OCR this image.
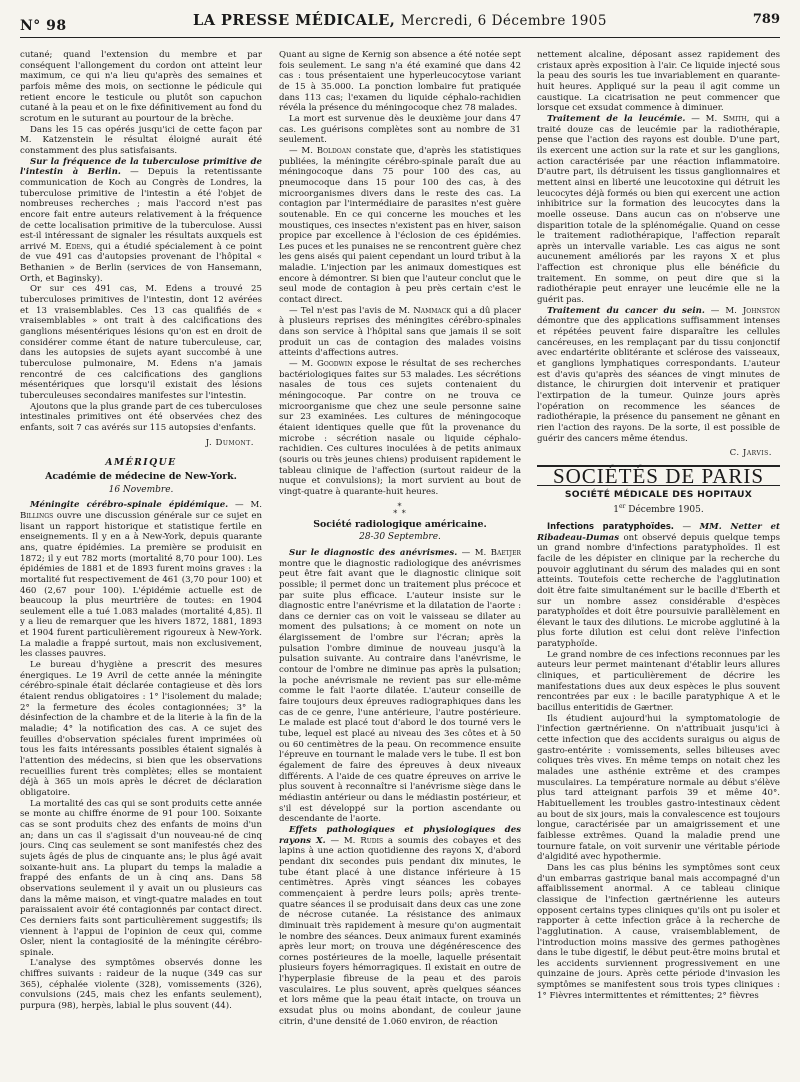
N° 98	LA PRESSE MÉDICALE, Mercredi, 6 Décembre 1905	789

cutané; quand l'extension du membre et par conséquent l'allongement du cordon ont atteint leur maximum, ce qui n'a lieu qu'après des semaines et parfois même des mois, on sectionne le pédicule qui retient encore le testicule ou plutôt son capuchon cutané à la peau et on le fixe définitivement au fond du scrotum en le suturant au pourtour de la brèche.

Dans les 15 cas opérés jusqu'ici de cette façon par M. Katzenstein le résultat éloigné aurait été constamment des plus satisfaisants.

Sur la fréquence de la tuberculose primitive de l'intestin à Berlin. — Depuis la retentissante communication de Koch au Congrès de Londres, la tuberculose primitive de l'intestin a été l'objet de nombreuses recherches ; mais l'accord n'est pas encore fait entre auteurs relativement à la fréquence de cette localisation primitive de la tuberculose. Aussi est-il intéressant de signaler les résultats auxquels est arrivé M. Edens, qui a étudié spécialement à ce point de vue 491 cas d'autopsies provenant de l'hôpital « Bethanien » de Berlin (services de von Hansemann, Orth, et Baginsky).

Or sur ces 491 cas, M. Edens a trouvé 25 tuberculoses primitives de l'intestin, dont 12 avérées et 13 vraisemblables. Ces 13 cas qualifiés de « vraisemblables » ont trait à des calcifications des ganglions mésentériques lésions qu'on est en droit de considérer comme étant de nature tuberculeuse, car, dans les autopsies de sujets ayant succombé à une tuberculose pulmonaire, M. Edens n'a jamais rencontré de ces calcifications des ganglions mésentériques que lorsqu'il existait des lésions tuberculeuses secondaires manifestes sur l'intestin.

Ajoutons que la plus grande part de ces tuberculoses intestinales primitives ont été observées chez des enfants, soit 7 cas avérés sur 115 autopsies d'enfants.

J. Dumont.
AMÉRIQUE
Académie de médecine de New-York.
16 Novembre.

Méningite cérébro-spinale épidémique. — M. Billings ouvre une discussion générale sur ce sujet en lisant un rapport historique et statistique fertile en enseignements. Il y en a à New-York, depuis quarante ans, quatre épidémies. La première se produisit en 1872; il y eut 782 morts (mortalité 8,70 pour 100). Les épidémies de 1881 et de 1893 furent moins graves : la mortalité fut respectivement de 461 (3,70 pour 100) et 460 (2,67 pour 100). L'épidémie actuelle est de beaucoup la plus meurtrière de toutes: en 1904 seulement elle a tué 1.083 malades (mortalité 4,85). Il y a lieu de remarquer que les hivers 1872, 1881, 1893 et 1904 furent particulièrement rigoureux à New-York. La maladie a frappé surtout, mais non exclusivement, les classes pauvres.

Le bureau d'hygiène a prescrit des mesures énergiques. Le 19 Avril de cette année la méningite cérébro-spinale était déclarée contagieuse et dès lors étaient rendus obligatoires : 1° l'isolement du malade; 2° la fermeture des écoles contagionnées; 3° la désinfection de la chambre et de la literie à la fin de la maladie; 4° la notification des cas. A ce sujet des feuilles d'observation spéciales furent imprimées où tous les faits intéressants possibles étaient signalés à l'attention des médecins, si bien que les observations recueillies furent très complètes; elles se montaient déjà à 365 un mois après le décret de déclaration obligatoire.

La mortalité des cas qui se sont produits cette année se monte au chiffre énorme de 91 pour 100. Soixante cas se sont produits chez des enfants de moins d'un an; dans un cas il s'agissait d'un nouveau-né de cinq jours. Cinq cas seulement se sont manifestés chez des sujets âgés de plus de cinquante ans; le plus âgé avait soixante-huit ans. La plupart du temps la maladie a frappé des enfants de un à cinq ans. Dans 58 observations seulement il y avait un ou plusieurs cas dans la même maison, et vingt-quatre malades en tout paraissaient avoir été contagionnés par contact direct. Ces derniers faits sont particulièrement suggestifs; ils viennent à l'appui de l'opinion de ceux qui, comme Osler, nient la contagiosité de la méningite cérébro-spinale.

L'analyse des symptômes observés donne les chiffres suivants : raideur de la nuque (349 cas sur 365), céphalée violente (328), vomissements (326), convulsions (245, mais chez les enfants seulement), purpura (98), herpès, labial le plus souvent (44).

Quant au signe de Kernig son absence a été notée sept fois seulement. Le sang n'a été examiné que dans 42 cas : tous présentaient une hyperleucocytose variant de 15 à 35.000. La ponction lombaire fut pratiquée dans 113 cas; l'examen du liquide céphalo-rachidien révéla la présence du méningocoque chez 78 malades.

La mort est survenue dès le deuxième jour dans 47 cas. Les guérisons complètes sont au nombre de 31 seulement.

— M. Boldoan constate que, d'après les statistiques publiées, la méningite cérébro-spinale paraît due au méningocoque dans 75 pour 100 des cas, au pneumocoque dans 15 pour 100 des cas, à des microorganismes divers dans le reste des cas. La contagion par l'intermédiaire de parasites n'est guère soutenable. En ce qui concerne les mouches et les moustiques, ces insectes n'existent pas en hiver, saison propice par excellence à l'éclosion de ces épidémies. Les puces et les punaises ne se rencontrent guère chez les gens aisés qui paient cependant un lourd tribut à la maladie. L'injection par les animaux domestiques est encore à démontrer. Si bien que l'auteur conclut que le seul mode de contagion à peu près certain c'est le contact direct.

— Tel n'est pas l'avis de M. Nammack qui a dû placer à plusieurs reprises des méningites cérébro-spinales dans son service à l'hôpital sans que jamais il se soit produit un cas de contagion des malades voisins atteints d'affections autres.

— M. Goodwin expose le résultat de ses recherches bactériologiques faites sur 53 malades. Les sécrétions nasales de tous ces sujets contenaient du méningocoque. Par contre on ne trouva ce microorganisme que chez une seule personne saine sur 23 examinées. Les cultures de méningocoque étaient identiques quelle que fût la provenance du microbe : sécrétion nasale ou liquide céphalo-rachidien. Ces cultures inoculées à de petits animaux (souris ou très jeunes chiens) produisent rapidement le tableau clinique de l'affection (surtout raideur de la nuque et convulsions); la mort survient au bout de vingt-quatre à quarante-huit heures.

*
* *
Société radiologique américaine.
28-30 Septembre.

Sur le diagnostic des anévrismes. — M. Baetjer montre que le diagnostic radiologique des anévrismes peut être fait avant que le diagnostic clinique soit possible; il permet donc un traitement plus précoce et par suite plus efficace. L'auteur insiste sur le diagnostic entre l'anévrisme et la dilatation de l'aorte : dans ce dernier cas on voit le vaisseau se dilater au moment des pulsations; à ce moment on note un élargissement de l'ombre sur l'écran; après la pulsation l'ombre diminue de nouveau jusqu'à la pulsation suivante. Au contraire dans l'anévrisme, le contour de l'ombre ne diminue pas après la pulsation; la poche anévrismale ne revient pas sur elle-même comme le fait l'aorte dilatée. L'auteur conseille de faire toujours deux épreuves radiographiques dans les cas de ce genre, l'une antérieure, l'autre postérieure. Le malade est placé tout d'abord le dos tourné vers le tube, lequel est placé au niveau des 3es côtes et à 50 ou 60 centimètres de la peau. On recommence ensuite l'épreuve en tournant le malade vers le tube. Il est bon également de faire des épreuves à deux niveaux différents. A l'aide de ces quatre épreuves on arrive le plus souvent à reconnaître si l'anévrisme siège dans le médiastin antérieur ou dans le médiastin postérieur, et s'il est développé sur la portion ascendante ou descendante de l'aorte.

Effets pathologiques et physiologiques des rayons X. — M. Rudis a soumis des cobayes et des lapins à une action quotidienne des rayons X, d'abord pendant dix secondes puis pendant dix minutes, le tube étant placé à une distance inférieure à 15 centimètres. Après vingt séances les cobayes commençaient à perdre leurs poils; après trente-quatre séances il se produisait dans deux cas une zone de nécrose cutanée. La résistance des animaux diminuait très rapidement à mesure qu'on augmentait le nombre des séances. Deux animaux furent examinés après leur mort; on trouva une dégénérescence des cornes postérieures de la moelle, laquelle présentait plusieurs foyers hémorragiques. Il existait en outre de l'hyperplasie fibreuse de la peau et des parois vasculaires. Le plus souvent, après quelques séances et lors même que la peau était intacte, on trouva un exsudat plus ou moins abondant, de couleur jaune citrin, d'une densité de 1.060 environ, de réaction

nettement alcaline, déposant assez rapidement des cristaux après exposition à l'air. Ce liquide injecté sous la peau des souris les tue invariablement en quarante-huit heures. Appliqué sur la peau il agit comme un caustique. La cicatrisation ne peut commencer que lorsque cet exsudat commence à diminuer.

Traitement de la leucémie. — M. Smith, qui a traité douze cas de leucémie par la radiothérapie, pense que l'action des rayons est double. D'une part, ils exercent une action sur la rate et sur les ganglions, action caractérisée par une réaction inflammatoire. D'autre part, ils détruisent les tissus ganglionnaires et mettent ainsi en liberté une leucotoxine qui détruit les leucocytes déjà formés ou bien qui exercent une action inhibitrice sur la formation des leucocytes dans la moelle osseuse. Dans aucun cas on n'observe une disparition totale de la splénomégalie. Quand on cesse le traitement radiothérapique, l'affection reparaît après un intervalle variable. Les cas aigus ne sont aucunement améliorés par les rayons X et plus l'affection est chronique plus elle bénéficie du traitement. En somme, on peut dire que si la radiothérapie peut enrayer une leucémie elle ne la guérit pas.

Traitement du cancer du sein. — M. Johnston démontre que des applications suffisamment intenses et répétées peuvent faire disparaître les cellules cancéreuses, en les remplaçant par du tissu conjonctif avec endartérite oblitérante et sclérose des vaisseaux, et ganglions lymphatiques correspondants. L'auteur est d'avis qu'après des séances de vingt minutes de distance, le chirurgien doit intervenir et pratiquer l'extirpation de la tumeur. Quinze jours après l'opération on recommence les séances de radiothérapie, la présence du pansement ne gênant en rien l'action des rayons. De la sorte, il est possible de guérir des cancers même étendus.

C. Jarvis.
SOCIÉTÉS DE PARIS
SOCIÉTÉ MÉDICALE DES HOPITAUX
1er Décembre 1905.

Infections paratyphoïdes. — MM. Netter et Ribadeau-Dumas ont observé depuis quelque temps un grand nombre d'infections paratyphoïdes. Il est facile de les dépister en clinique par la recherche du pouvoir agglutinant du sérum des malades qui en sont atteints. Toutefois cette recherche de l'agglutination doit être faite simultanément sur le bacille d'Eberth et sur un nombre assez considérable d'espèces paratyphoïdes et doit être poursuivie parallèlement en élevant le taux des dilutions. Le microbe agglutiné à la plus forte dilution est celui dont relève l'infection paratyphoïde.

Le grand nombre de ces infections reconnues par les auteurs leur permet maintenant d'établir leurs allures cliniques, et particulièrement de décrire les manifestations dues aux deux espèces le plus souvent rencontrées par eux : le bacille paratyphique A et le bacillus enteritidis de Gærtner.

Ils étudient aujourd'hui la symptomatologie de l'infection gærtnérienne. On n'attribuait jusqu'ici à cette infection que des accidents suraigus ou aigus de gastro-entérite : vomissements, selles bilieuses avec coliques très vives. En même temps on notait chez les malades une asthénie extrême et des crampes musculaires. La température normale au début s'élève plus tard atteignant parfois 39 et même 40°. Habituellement les troubles gastro-intestinaux cèdent au bout de six jours, mais la convalescence est toujours longue, caractérisée par un amaigrissement et une faiblesse extrêmes. Quand la maladie prend une tournure fatale, on voit survenir une véritable période d'algidité avec hypothermie.

Dans les cas plus bénins les symptômes sont ceux d'un embarras gastrique banal mais accompagné d'un affaiblissement anormal. A ce tableau clinique classique de l'infection gærtnérienne les auteurs opposent certains types cliniques qu'ils ont pu isoler et rapporter à cette infection grâce à la recherche de l'agglutination. A cause, vraisemblablement, de l'introduction moins massive des germes pathogènes dans le tube digestif, le début peut-être moins brutal et les accidents surviennent progressivement en une quinzaine de jours. Après cette période d'invasion les symptômes se manifestent sous trois types cliniques : 1° Fièvres intermittentes et rémittentes; 2° fièvres
